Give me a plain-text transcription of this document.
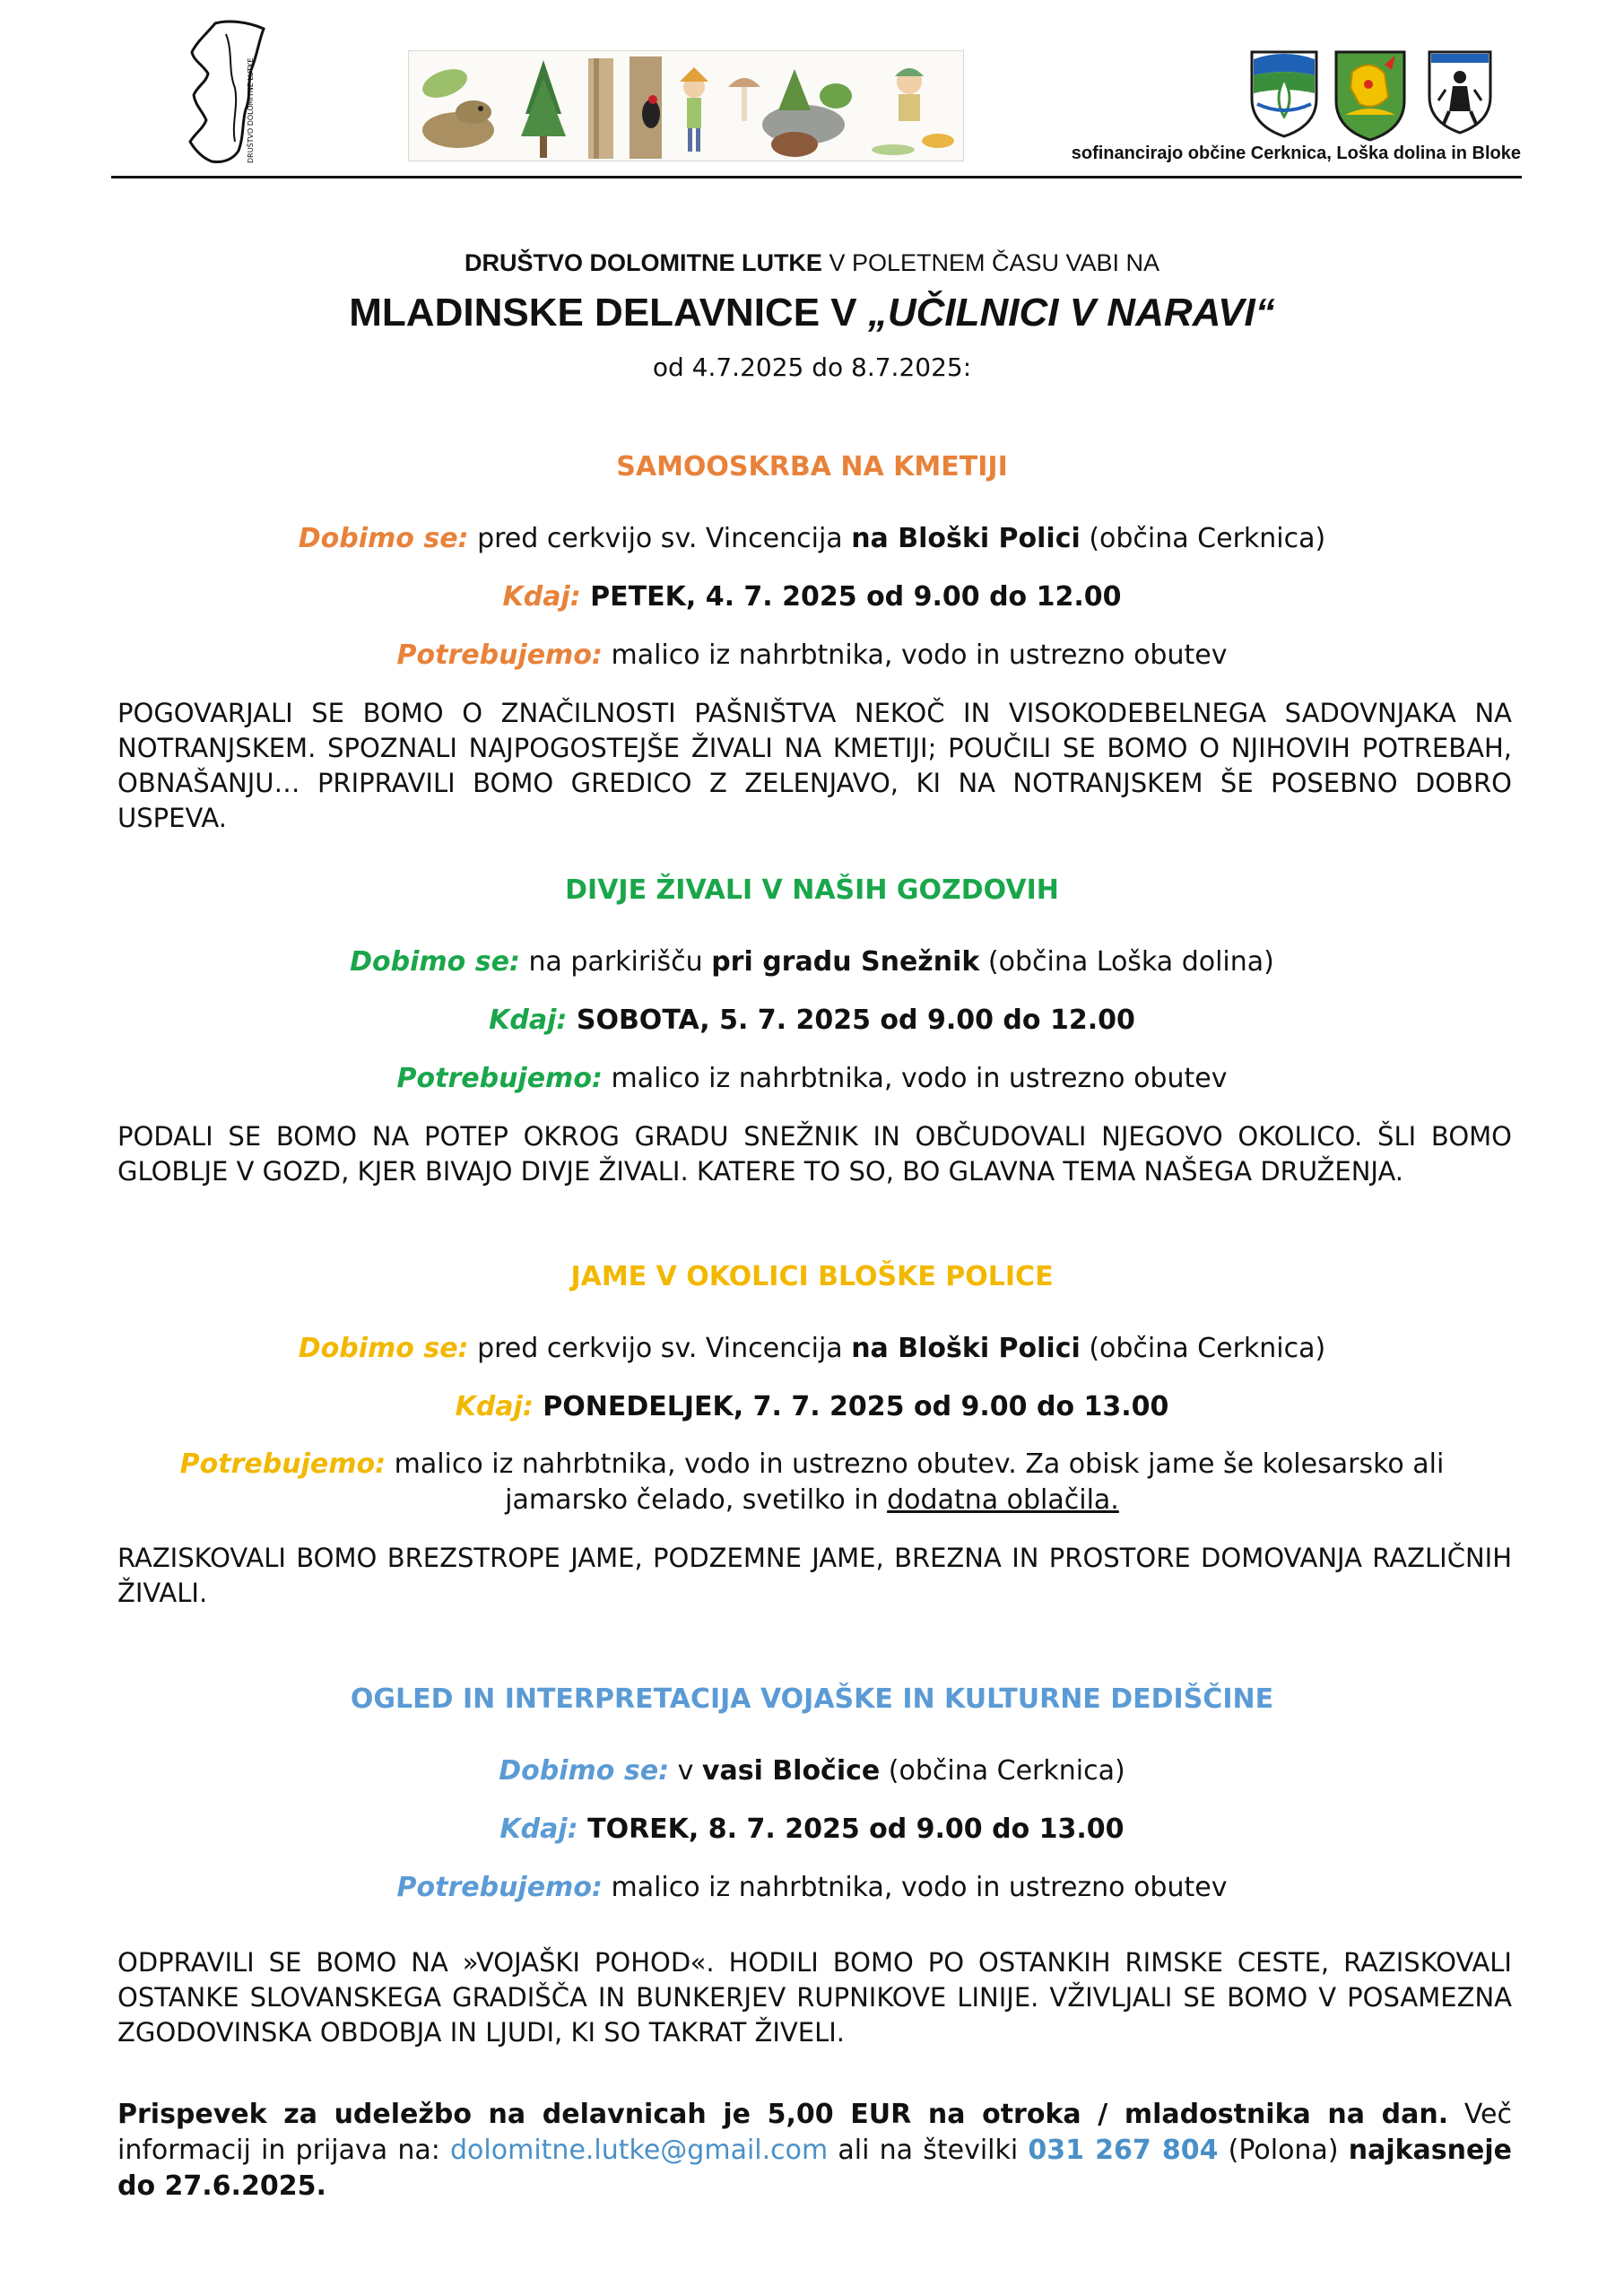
DRUŠTVO DOLOMITNE LUTKE	sofinancirajo občine Cerknica, Loška dolina in Bloke
DRUŠTVO DOLOMITNE LUTKE V POLETNEM ČASU VABI NA
MLADINSKE DELAVNICE V „UČILNICI V NARAVI“
od 4.7.2025 do 8.7.2025:
SAMOOSKRBA NA KMETIJI
Dobimo se: pred cerkvijo sv. Vincencija na Bloški Polici (občina Cerknica)
Kdaj: PETEK, 4. 7. 2025 od 9.00 do 12.00
Potrebujemo: malico iz nahrbtnika, vodo in ustrezno obutev
POGOVARJALI SE BOMO O ZNAČILNOSTI PAŠNIŠTVA NEKOČ IN VISOKODEBELNEGA SADOVNJAKA NA NOTRANJSKEM. SPOZNALI NAJPOGOSTEJŠE ŽIVALI NA KMETIJI; POUČILI SE BOMO O NJIHOVIH POTREBAH, OBNAŠANJU… PRIPRAVILI BOMO GREDICO Z ZELENJAVO, KI NA NOTRANJSKEM ŠE POSEBNO DOBRO USPEVA.
DIVJE ŽIVALI V NAŠIH GOZDOVIH
Dobimo se: na parkirišču pri gradu Snežnik (občina Loška dolina)
Kdaj: SOBOTA, 5. 7. 2025 od 9.00 do 12.00
Potrebujemo: malico iz nahrbtnika, vodo in ustrezno obutev
PODALI SE BOMO NA POTEP OKROG GRADU SNEŽNIK IN OBČUDOVALI NJEGOVO OKOLICO. ŠLI BOMO GLOBLJE V GOZD, KJER BIVAJO DIVJE ŽIVALI. KATERE TO SO, BO GLAVNA TEMA NAŠEGA DRUŽENJA.
JAME V OKOLICI BLOŠKE POLICE
Dobimo se: pred cerkvijo sv. Vincencija na Bloški Polici (občina Cerknica)
Kdaj: PONEDELJEK, 7. 7. 2025 od 9.00 do 13.00
Potrebujemo: malico iz nahrbtnika, vodo in ustrezno obutev. Za obisk jame še kolesarsko ali
jamarsko čelado, svetilko in dodatna oblačila.
RAZISKOVALI BOMO BREZSTROPE JAME, PODZEMNE JAME, BREZNA IN PROSTORE DOMOVANJA RAZLIČNIH ŽIVALI.
OGLED IN INTERPRETACIJA VOJAŠKE IN KULTURNE DEDIŠČINE
Dobimo se: v vasi Bločice (občina Cerknica)
Kdaj: TOREK, 8. 7. 2025 od 9.00 do 13.00
Potrebujemo: malico iz nahrbtnika, vodo in ustrezno obutev
ODPRAVILI SE BOMO NA »VOJAŠKI POHOD«. HODILI BOMO PO OSTANKIH RIMSKE CESTE, RAZISKOVALI OSTANKE SLOVANSKEGA GRADIŠČA IN BUNKERJEV RUPNIKOVE LINIJE. VŽIVLJALI SE BOMO V POSAMEZNA ZGODOVINSKA OBDOBJA IN LJUDI, KI SO TAKRAT ŽIVELI.
Prispevek za udeležbo na delavnicah je 5,00 EUR na otroka / mladostnika na dan. Več informacij in prijava na: dolomitne.lutke@gmail.com ali na številki 031 267 804 (Polona) najkasneje do 27.6.2025.
